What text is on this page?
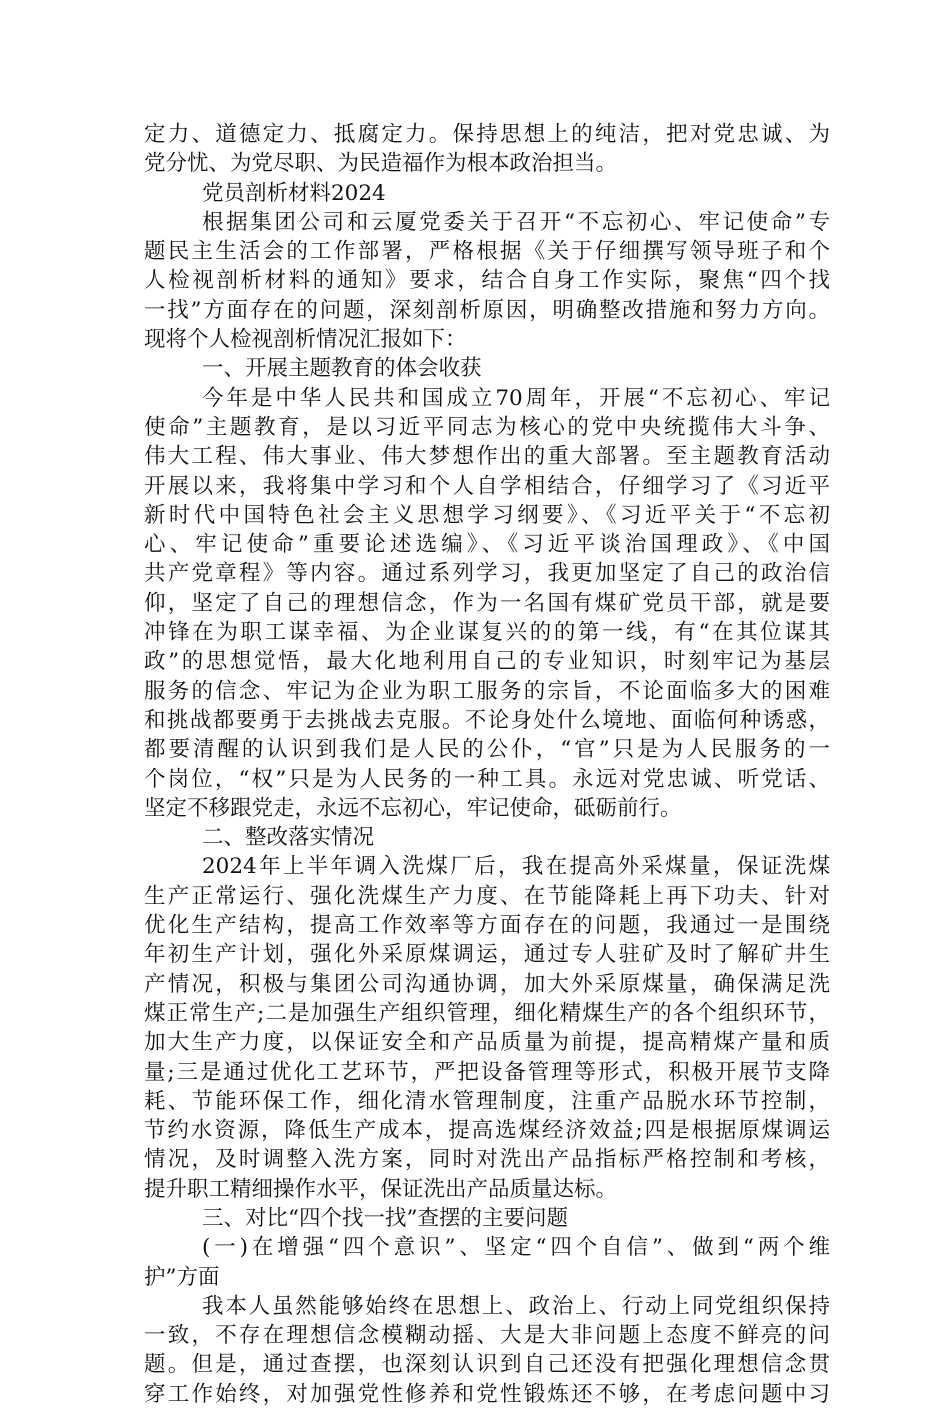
定力、道德定力、抵腐定力。保持思想上的纯洁，把对党忠诚、为
党分忧、为党尽职、为民造福作为根本政治担当。
党员剖析材料2024
根据集团公司和云厦党委关于召开“不忘初心、牢记使命”专
题民主生活会的工作部署，严格根据《关于仔细撰写领导班子和个
人检视剖析材料的通知》要求，结合自身工作实际，聚焦“四个找
一找”方面存在的问题，深刻剖析原因，明确整改措施和努力方向。
现将个人检视剖析情况汇报如下：
一、开展主题教育的体会收获
今年是中华人民共和国成立70周年，开展“不忘初心、牢记
使命”主题教育，是以习近平同志为核心的党中央统揽伟大斗争、
伟大工程、伟大事业、伟大梦想作出的重大部署。至主题教育活动
开展以来，我将集中学习和个人自学相结合，仔细学习了《习近平
新时代中国特色社会主义思想学习纲要》、《习近平关于“不忘初
心、牢记使命”重要论述选编》、《习近平谈治国理政》、《中国
共产党章程》等内容。通过系列学习，我更加坚定了自己的政治信
仰，坚定了自己的理想信念，作为一名国有煤矿党员干部，就是要
冲锋在为职工谋幸福、为企业谋复兴的的第一线，有“在其位谋其
政”的思想觉悟，最大化地利用自己的专业知识，时刻牢记为基层
服务的信念、牢记为企业为职工服务的宗旨，不论面临多大的困难
和挑战都要勇于去挑战去克服。不论身处什么境地、面临何种诱惑，
都要清醒的认识到我们是人民的公仆，“官”只是为人民服务的一
个岗位，“权”只是为人民务的一种工具。永远对党忠诚、听党话、
坚定不移跟党走，永远不忘初心，牢记使命，砥砺前行。
二、整改落实情况
2024年上半年调入洗煤厂后，我在提高外采煤量，保证洗煤
生产正常运行、强化洗煤生产力度、在节能降耗上再下功夫、针对
优化生产结构，提高工作效率等方面存在的问题，我通过一是围绕
年初生产计划，强化外采原煤调运，通过专人驻矿及时了解矿井生
产情况，积极与集团公司沟通协调，加大外采原煤量，确保满足洗
煤正常生产;二是加强生产组织管理，细化精煤生产的各个组织环节，
加大生产力度，以保证安全和产品质量为前提，提高精煤产量和质
量;三是通过优化工艺环节，严把设备管理等形式，积极开展节支降
耗、节能环保工作，细化清水管理制度，注重产品脱水环节控制，
节约水资源，降低生产成本，提高选煤经济效益;四是根据原煤调运
情况，及时调整入洗方案，同时对洗出产品指标严格控制和考核，
提升职工精细操作水平，保证洗出产品质量达标。
三、对比“四个找一找”查摆的主要问题
(一)在增强“四个意识”、坚定“四个自信”、做到“两个维
护”方面
我本人虽然能够始终在思想上、政治上、行动上同党组织保持
一致，不存在理想信念模糊动摇、大是大非问题上态度不鲜亮的问
题。但是，通过查摆，也深刻认识到自己还没有把强化理想信念贯
穿工作始终，对加强党性修养和党性锻炼还不够，在考虑问题中习
